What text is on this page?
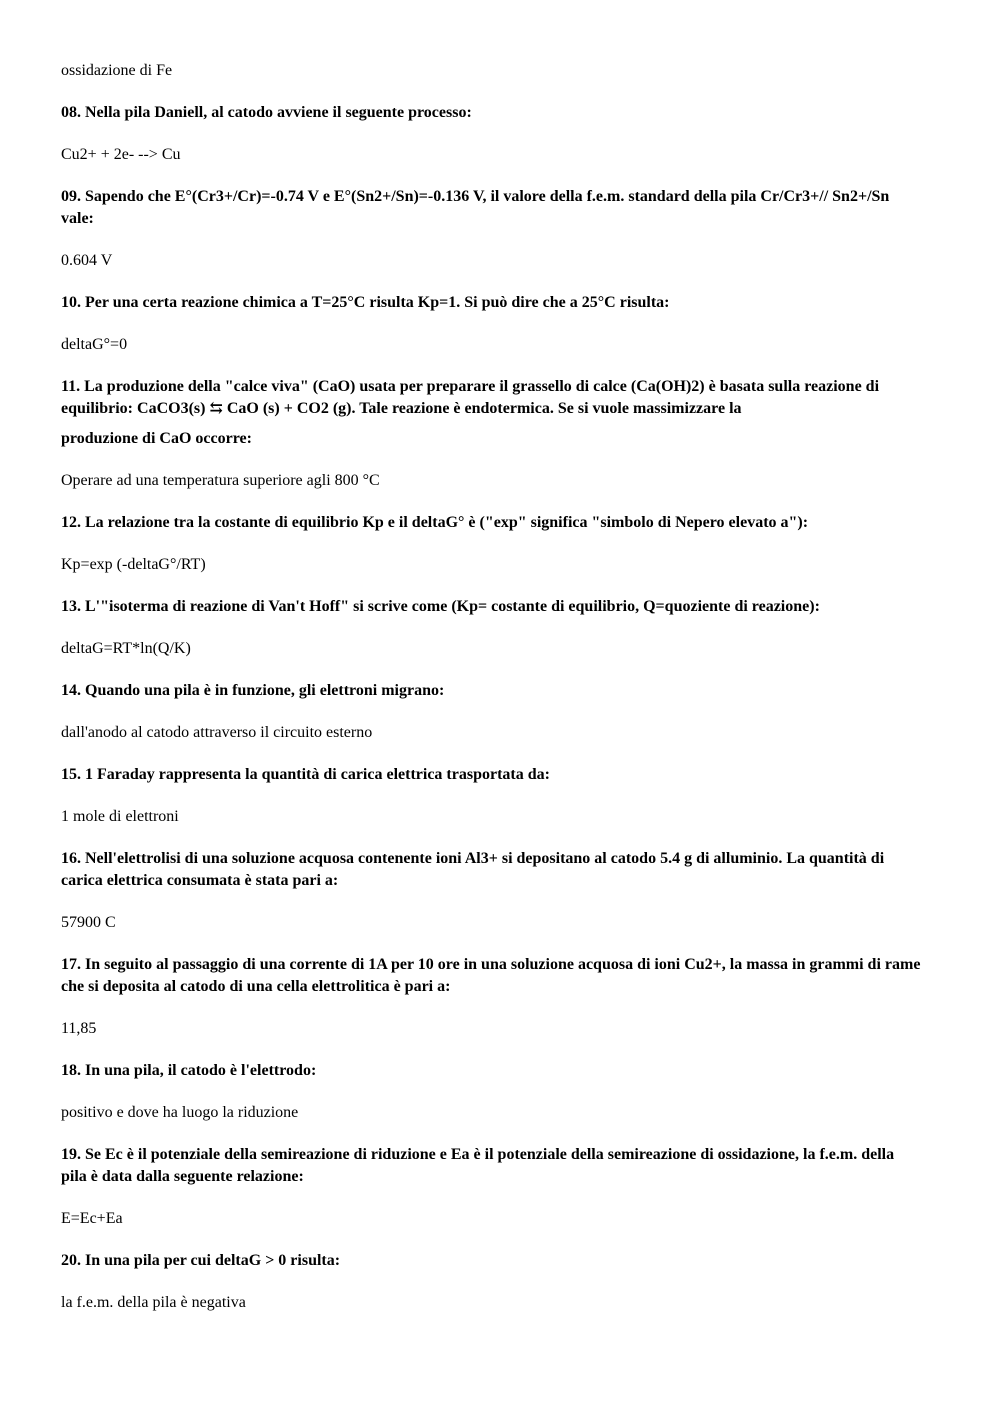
ossidazione di Fe

08. Nella pila Daniell, al catodo avviene il seguente processo:

Cu2+ + 2e- --> Cu

09. Sapendo che E°(Cr3+/Cr)=-0.74 V e E°(Sn2+/Sn)=-0.136 V, il valore della f.e.m. standard della pila Cr/Cr3+// Sn2+/Sn vale:

0.604 V

10. Per una certa reazione chimica a T=25°C risulta Kp=1. Si può dire che a 25°C risulta:

deltaG°=0

11. La produzione della "calce viva" (CaO) usata per preparare il grassello di calce (Ca(OH)2) è basata sulla reazione di equilibrio: CaCO3(s) ⇆ CaO (s) + CO2 (g). Tale reazione è endotermica. Se si vuole massimizzare la
produzione di CaO occorre:

Operare ad una temperatura superiore agli 800 °C

12. La relazione tra la costante di equilibrio Kp e il deltaG° è ("exp" significa "simbolo di Nepero elevato a"):

Kp=exp (-deltaG°/RT)

13. L'"isoterma di reazione di Van't Hoff" si scrive come (Kp= costante di equilibrio, Q=quoziente di reazione):

deltaG=RT*ln(Q/K)

14. Quando una pila è in funzione, gli elettroni migrano:

dall'anodo al catodo attraverso il circuito esterno

15. 1 Faraday rappresenta la quantità di carica elettrica trasportata da:

1 mole di elettroni

16. Nell'elettrolisi di una soluzione acquosa contenente ioni Al3+ si depositano al catodo 5.4 g di alluminio. La quantità di carica elettrica consumata è stata pari a:

57900 C

17. In seguito al passaggio di una corrente di 1A per 10 ore in una soluzione acquosa di ioni Cu2+, la massa in grammi di rame che si deposita al catodo di una cella elettrolitica è pari a:

11,85

18. In una pila, il catodo è l'elettrodo:

positivo e dove ha luogo la riduzione

19. Se Ec è il potenziale della semireazione di riduzione e Ea è il potenziale della semireazione di ossidazione, la f.e.m. della pila è data dalla seguente relazione:

E=Ec+Ea

20. In una pila per cui deltaG > 0 risulta:

la f.e.m. della pila è negativa
